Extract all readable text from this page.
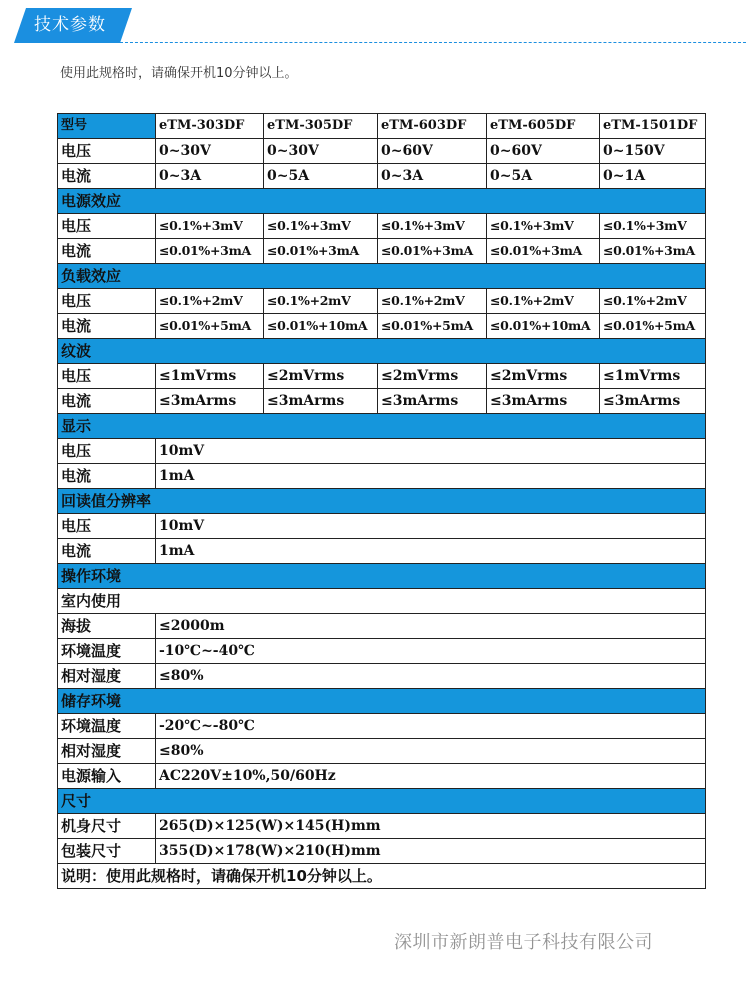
技术参数
使用此规格时，请确保开机10分钟以上。
型号	eTM-303DF	eTM-305DF	eTM-603DF	eTM-605DF	eTM-1501DF
电压	0~30V	0~30V	0~60V	0~60V	0~150V
电流	0~3A	0~5A	0~3A	0~5A	0~1A
电源效应					
电压	≤0.1%+3mV	≤0.1%+3mV	≤0.1%+3mV	≤0.1%+3mV	≤0.1%+3mV
电流	≤0.01%+3mA	≤0.01%+3mA	≤0.01%+3mA	≤0.01%+3mA	≤0.01%+3mA
负载效应					
电压	≤0.1%+2mV	≤0.1%+2mV	≤0.1%+2mV	≤0.1%+2mV	≤0.1%+2mV
电流	≤0.01%+5mA	≤0.01%+10mA	≤0.01%+5mA	≤0.01%+10mA	≤0.01%+5mA
纹波					
电压	≤1mVrms	≤2mVrms	≤2mVrms	≤2mVrms	≤1mVrms
电流	≤3mArms	≤3mArms	≤3mArms	≤3mArms	≤3mArms
显示					
电压	10mV				
电流	1mA				
回读值分辨率					
电压	10mV				
电流	1mA				
操作环境					
室内使用					
海拔	≤2000m				
环境温度	-10℃~-40℃				
相对湿度	≤80%				
储存环境					
环境温度	-20℃~-80℃				
相对湿度	≤80%				
电源输入	AC220V±10%,50/60Hz				
尺寸					
机身尺寸	265(D)×125(W)×145(H)mm				
包装尺寸	355(D)×178(W)×210(H)mm				
说明：使用此规格时，请确保开机10分钟以上。					
深圳市新朗普电子科技有限公司
